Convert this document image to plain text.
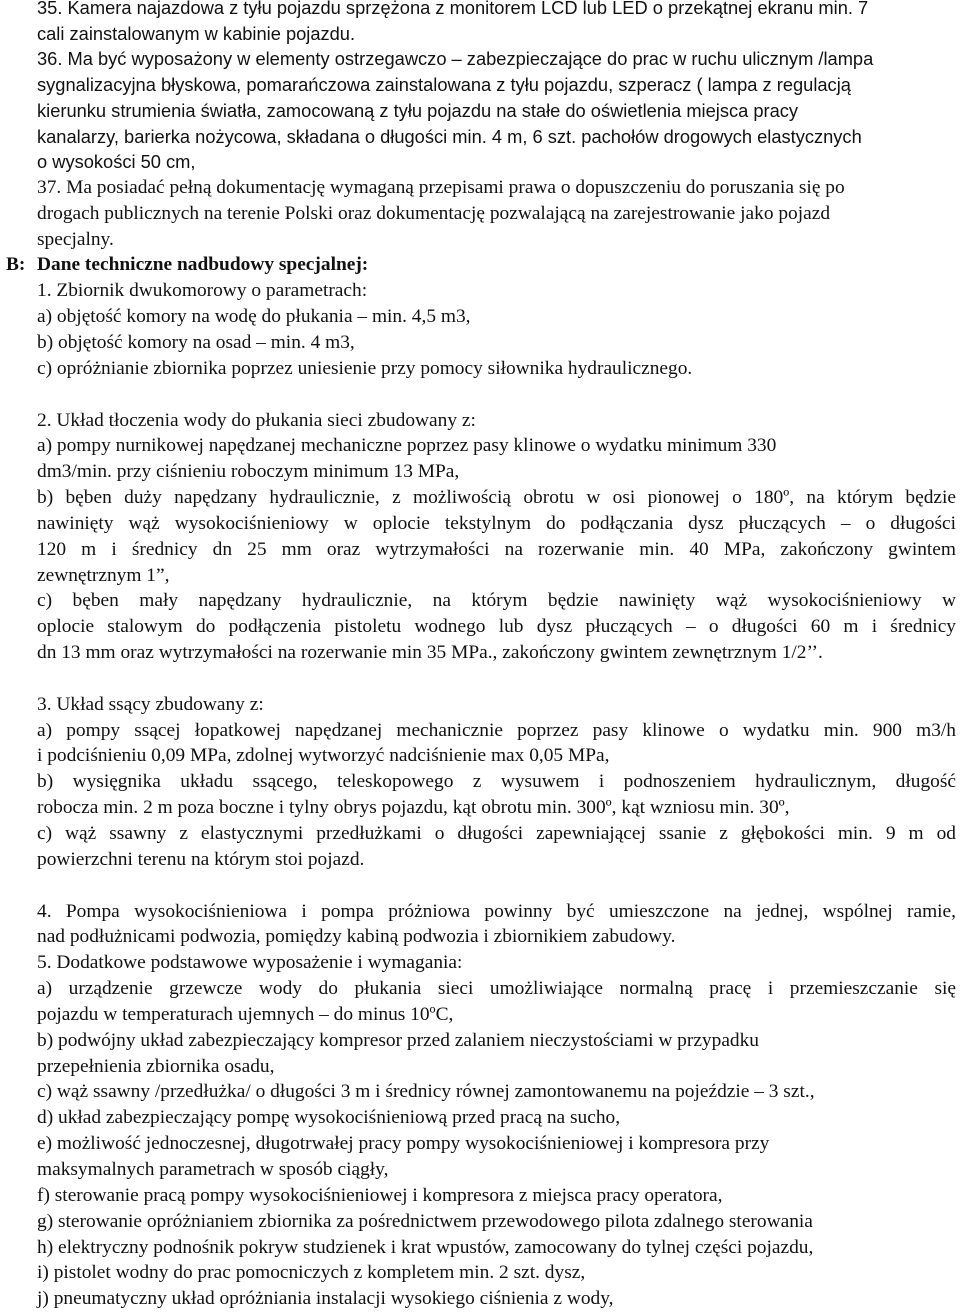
35. Kamera najazdowa z tyłu pojazdu sprzężona z monitorem LCD lub LED o przekątnej ekranu min. 7
cali zainstalowanym w kabinie pojazdu.
36. Ma być wyposażony w elementy ostrzegawczo – zabezpieczające do prac w ruchu ulicznym /lampa
sygnalizacyjna błyskowa, pomarańczowa zainstalowana z tyłu pojazdu, szperacz ( lampa z regulacją
kierunku strumienia światła, zamocowaną z tyłu pojazdu na stałe do oświetlenia miejsca pracy
kanalarzy, barierka nożycowa, składana o długości min. 4 m, 6 szt. pachołów drogowych elastycznych
o wysokości 50 cm,
37. Ma posiadać pełną dokumentację wymaganą przepisami prawa o dopuszczeniu do poruszania się po
drogach publicznych na terenie Polski oraz dokumentację pozwalającą na zarejestrowanie jako pojazd
specjalny.
B: Dane techniczne nadbudowy specjalnej:
1. Zbiornik dwukomorowy o parametrach:
a) objętość komory na wodę do płukania – min. 4,5 m3,
b) objętość komory na osad – min. 4 m3,
c) opróżnianie zbiornika poprzez uniesienie przy pomocy siłownika hydraulicznego.
2. Układ tłoczenia wody do płukania sieci zbudowany z:
a) pompy nurnikowej napędzanej mechaniczne poprzez pasy klinowe o wydatku minimum 330
dm3/min. przy ciśnieniu roboczym minimum 13 MPa,
b) bęben duży napędzany hydraulicznie, z możliwością obrotu w osi pionowej o 180º, na którym będzie
nawinięty wąż wysokociśnieniowy w oplocie tekstylnym do podłączania dysz płuczących – o długości
120 m i średnicy dn 25 mm oraz wytrzymałości na rozerwanie min. 40 MPa, zakończony gwintem
zewnętrznym 1”,
c) bęben mały napędzany hydraulicznie, na którym będzie nawinięty wąż wysokociśnieniowy w
oplocie stalowym do podłączenia pistoletu wodnego lub dysz płuczących – o długości 60 m i średnicy
dn 13 mm oraz wytrzymałości na rozerwanie min 35 MPa., zakończony gwintem zewnętrznym 1/2’’.
3. Układ ssący zbudowany z:
a) pompy ssącej łopatkowej napędzanej mechanicznie poprzez pasy klinowe o wydatku min. 900 m3/h
i podciśnieniu 0,09 MPa, zdolnej wytworzyć nadciśnienie max 0,05 MPa,
b) wysięgnika układu ssącego, teleskopowego z wysuwem i podnoszeniem hydraulicznym, długość
robocza min. 2 m poza boczne i tylny obrys pojazdu, kąt obrotu min. 300º, kąt wzniosu min. 30º,
c) wąż ssawny z elastycznymi przedłużkami o długości zapewniającej ssanie z głębokości min. 9 m od
powierzchni terenu na którym stoi pojazd.
4. Pompa wysokociśnieniowa i pompa próżniowa powinny być umieszczone na jednej, wspólnej ramie,
nad podłużnicami podwozia, pomiędzy kabiną podwozia i zbiornikiem zabudowy.
5. Dodatkowe podstawowe wyposażenie i wymagania:
a) urządzenie grzewcze wody do płukania sieci umożliwiające normalną pracę i przemieszczanie się
pojazdu w temperaturach ujemnych – do minus 10ºC,
b) podwójny układ zabezpieczający kompresor przed zalaniem nieczystościami w przypadku
przepełnienia zbiornika osadu,
c) wąż ssawny /przedłużka/ o długości 3 m i średnicy równej zamontowanemu na pojeździe – 3 szt.,
d) układ zabezpieczający pompę wysokociśnieniową przed pracą na sucho,
e) możliwość jednoczesnej, długotrwałej pracy pompy wysokociśnieniowej i kompresora przy
maksymalnych parametrach w sposób ciągły,
f) sterowanie pracą pompy wysokociśnieniowej i kompresora z miejsca pracy operatora,
g) sterowanie opróżnianiem zbiornika za pośrednictwem przewodowego pilota zdalnego sterowania
h) elektryczny podnośnik pokryw studzienek i krat wpustów, zamocowany do tylnej części pojazdu,
i) pistolet wodny do prac pomocniczych z kompletem min. 2 szt. dysz,
j) pneumatyczny układ opróżniania instalacji wysokiego ciśnienia z wody,
